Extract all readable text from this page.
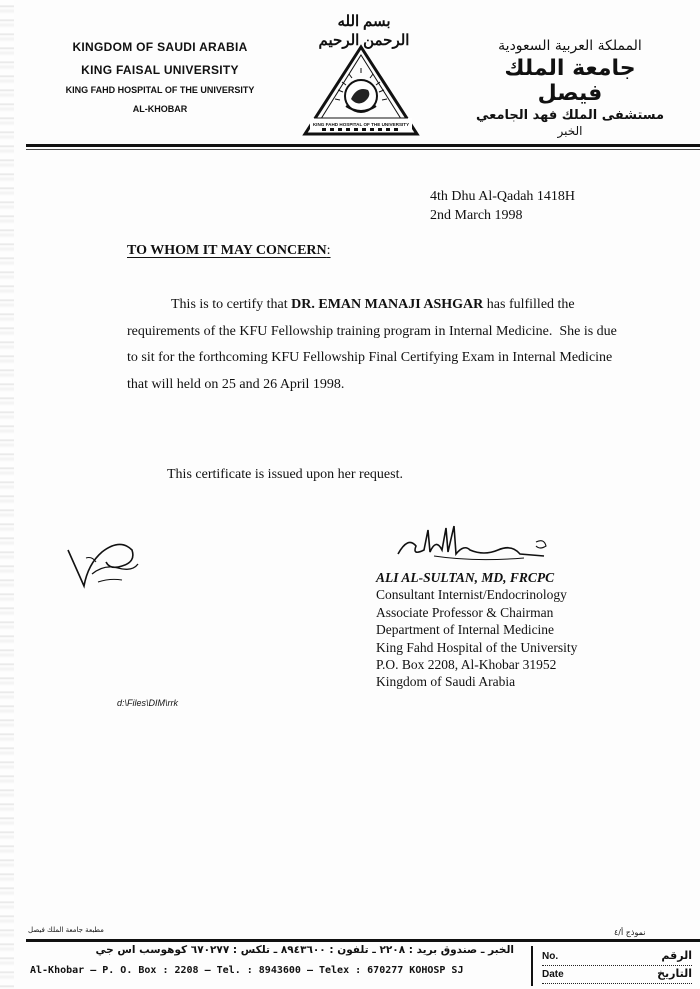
KINGDOM OF SAUDI ARABIA
KING FAISAL UNIVERSITY
KING FAHD HOSPITAL OF THE UNIVERSITY
AL-KHOBAR
بسم الله الرحمن الرحيم
KING FAHD HOSPITAL OF THE UNIVERSITY
المملكة العربية السعودية
جامعة الملك فيصل
مستشفى الملك فهد الجامعي
الخبر
4th Dhu Al-Qadah 1418H
2nd March 1998
TO WHOM IT MAY CONCERN:
This is to certify that DR. EMAN MANAJI ASHGAR has fulfilled the
requirements of the KFU Fellowship training program in Internal Medicine.  She is due
to sit for the forthcoming KFU Fellowship Final Certifying Exam in Internal Medicine
that will held on 25 and 26 April 1998.
This certificate is issued upon her request.
ALI AL-SULTAN, MD, FRCPC
Consultant Internist/Endocrinology
Associate Professor & Chairman
Department of Internal Medicine
King Fahd Hospital of the University
P.O. Box 2208, Al-Khobar 31952
Kingdom of Saudi Arabia
d:\Files\DIM\rrk
مطبعة جامعة الملك فيصل	نموذج أ/٤
الخبر ـ صندوق بريد : ٢٢٠٨ ـ تلفون : ٨٩٤٣٦٠٠ ـ تلكس : ٦٧٠٢٧٧ كوهوسب اس جي
Al-Khobar — P. O. Box : 2208 — Tel. : 8943600 — Telex : 670277 KOHOSP SJ
No.	الرقم
Date	التاريخ
